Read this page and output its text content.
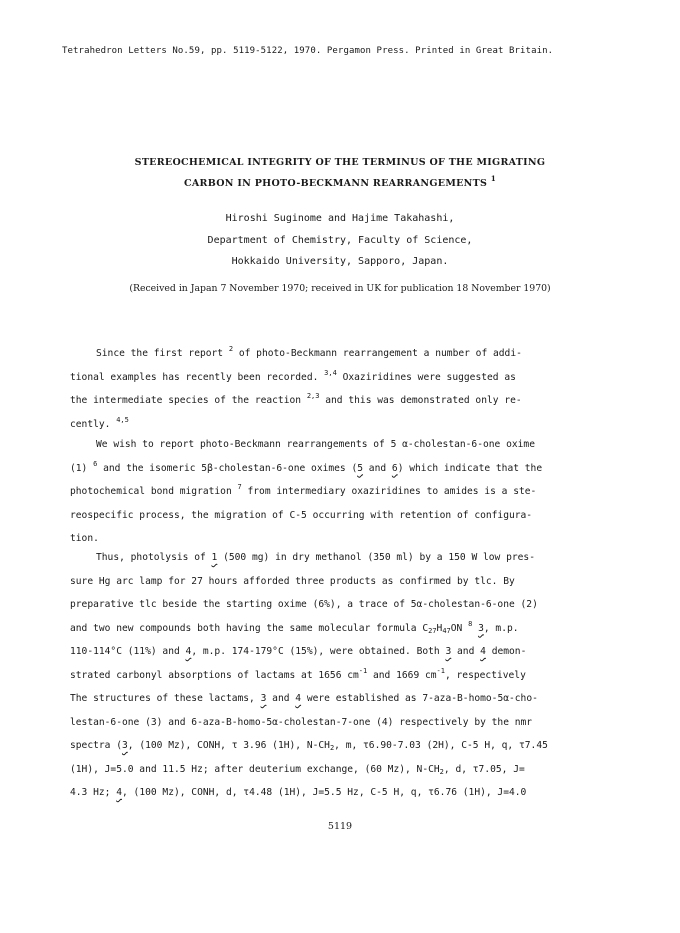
Tetrahedron Letters No.59, pp. 5119-5122, 1970. Pergamon Press. Printed in Great Britain.
STEREOCHEMICAL INTEGRITY OF THE TERMINUS OF THE MIGRATING
CARBON IN PHOTO-BECKMANN REARRANGEMENTS $^1$
Hiroshi Suginome and Hajime Takahashi,
Department of Chemistry, Faculty of Science,
Hokkaido University, Sapporo, Japan.
(Received in Japan 7 November 1970; received in UK for publication 18 November 1970)
Since the first report $^2$ of photo-Beckmann rearrangement a number of addi-
tional examples has recently been recorded. $^{3,4}$ Oxaziridines were suggested as
the intermediate species of the reaction $^{2,3}$ and this was demonstrated only re-
cently. $^{4,5}$
We wish to report photo-Beckmann rearrangements of 5 α-cholestan-6-one oxime
(1) $^6$ and the isomeric 5β-cholestan-6-one oximes (5 and 6) which indicate that the
photochemical bond migration $^7$ from intermediary oxaziridines to amides is a ste-
reospecific process, the migration of C-5 occurring with retention of configura-
tion.
Thus, photolysis of 1 (500 mg) in dry methanol (350 ml) by a 150 W low pres-
sure Hg arc lamp for 27 hours afforded three products as confirmed by tlc. By
preparative tlc beside the starting oxime (6%), a trace of 5α-cholestan-6-one (2)
and two new compounds both having the same molecular formula $C_{27}H_{47}ON$ $^8$ 3, m.p.
110-114°C (11%) and 4, m.p. 174-179°C (15%), were obtained. Both 3 and 4 demon-
strated carbonyl absorptions of lactams at 1656 $cm^{-1}$ and 1669 $cm^{-1}$, respectively
The structures of these lactams, 3 and 4 were established as 7-aza-B-homo-5α-cho-
lestan-6-one (3) and 6-aza-B-homo-5α-cholestan-7-one (4) respectively by the nmr
spectra (3, (100 Mz), CONH, τ 3.96 (1H), $N-CH_2$, m, τ6.90-7.03 (2H), C-5 H, q, τ7.45
(1H), J=5.0 and 11.5 Hz; after deuterium exchange, (60 Mz), $N-CH_2$, d, τ7.05, J=
4.3 Hz; 4, (100 Mz), CONH, d, τ4.48 (1H), J=5.5 Hz, C-5 H, q, τ6.76 (1H), J=4.0
5119
